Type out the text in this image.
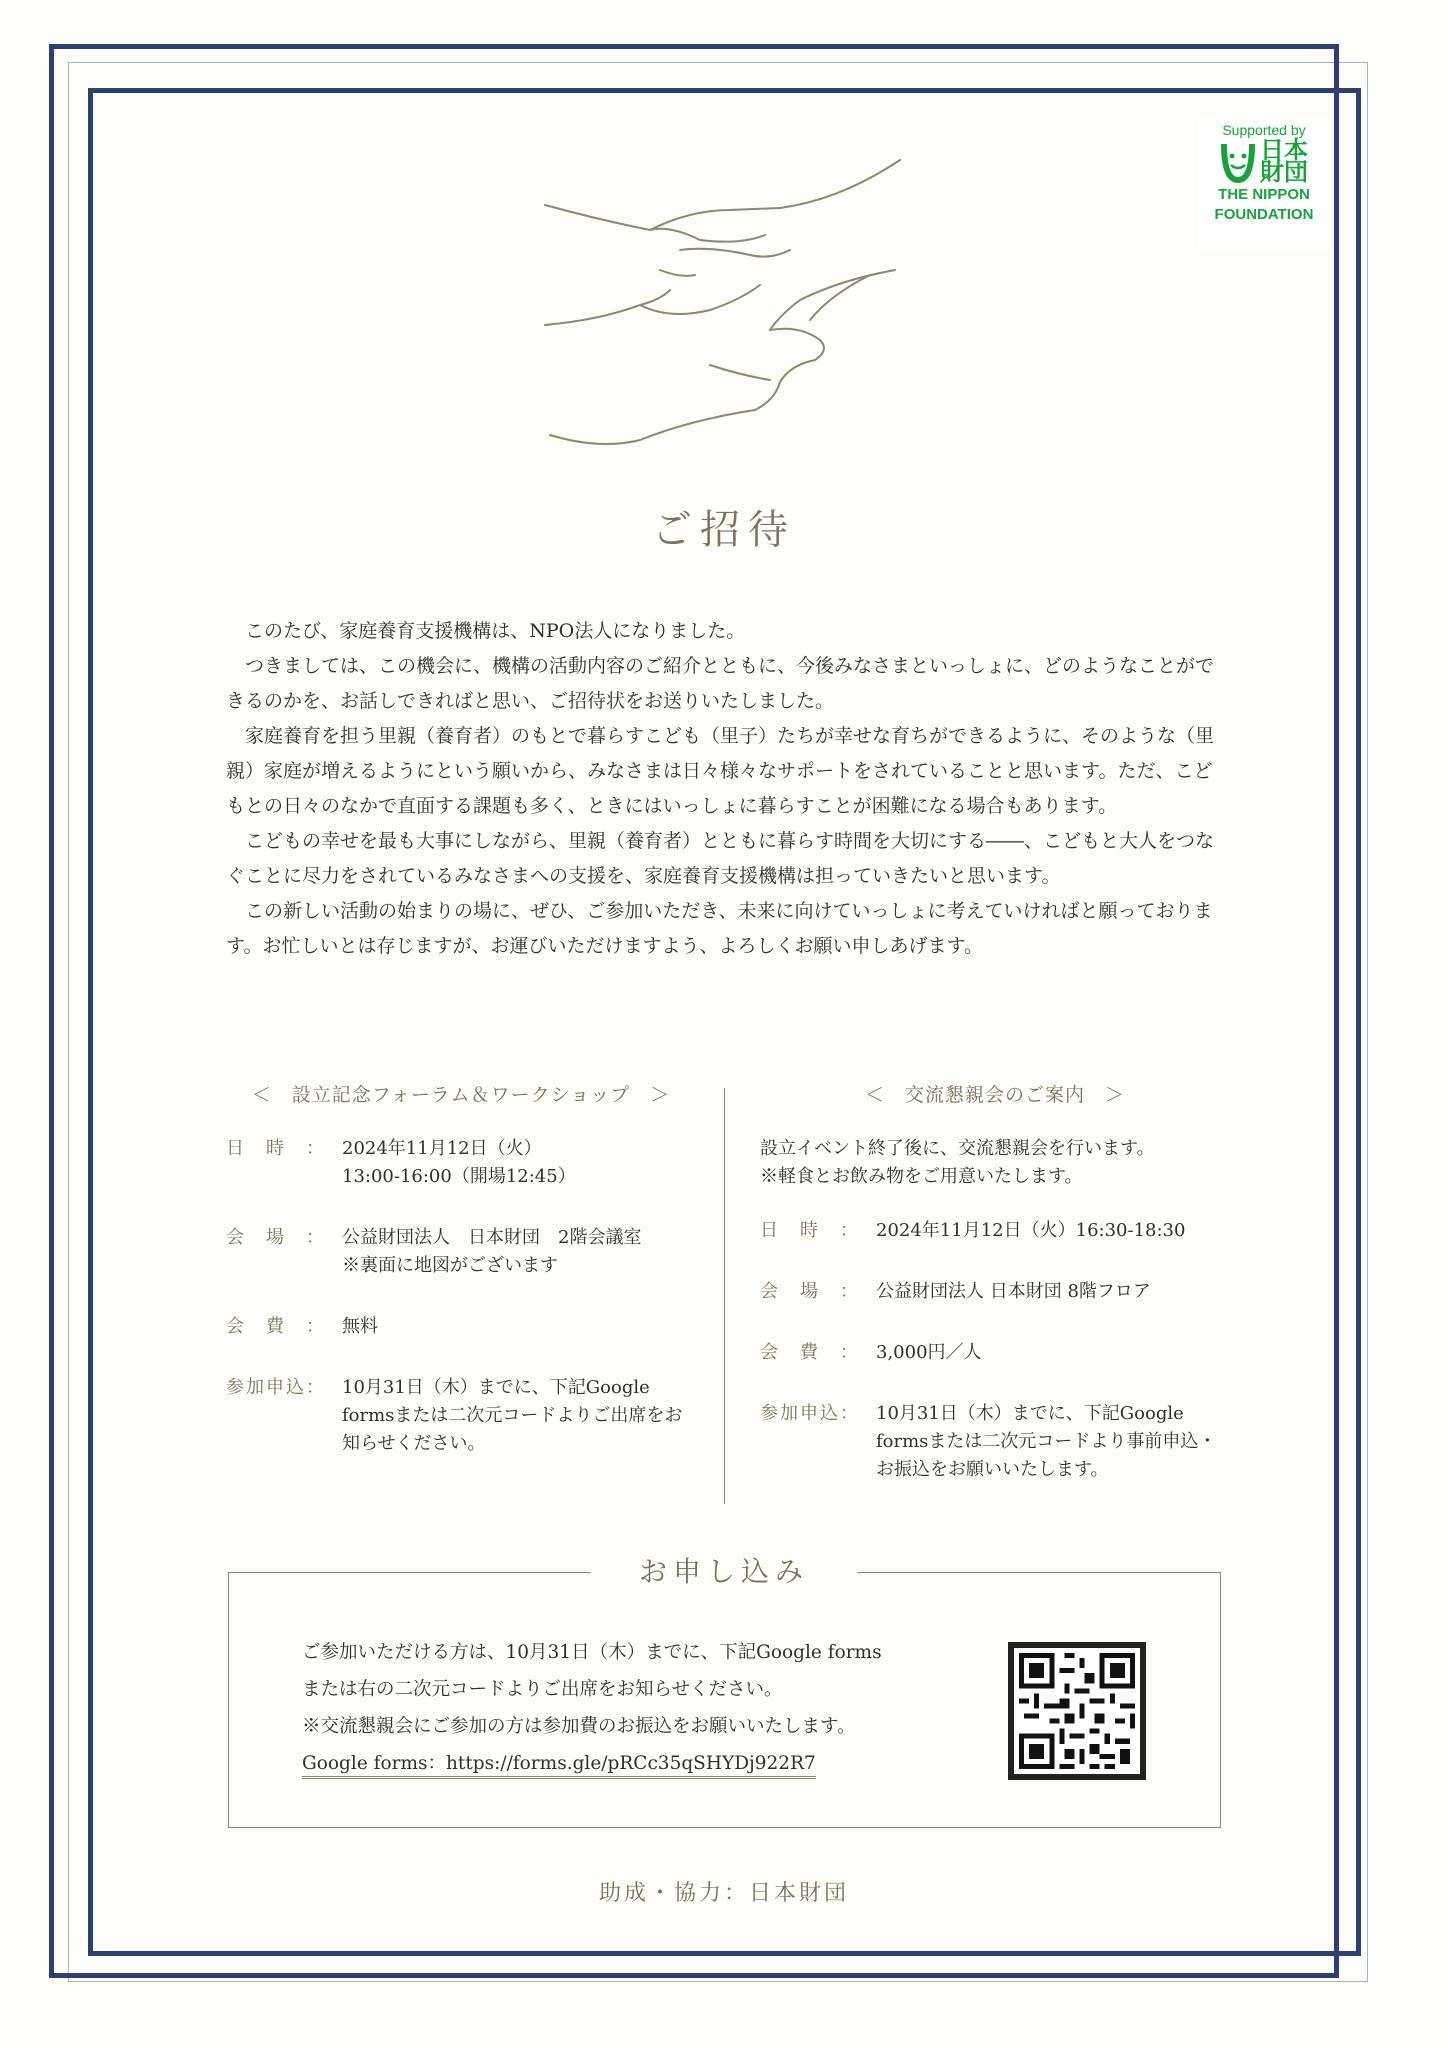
Supported by
日本
財団
THE NIPPON
FOUNDATION
ご招待

このたび、家庭養育支援機構は、NPO法人になりました。

つきましては、この機会に、機構の活動内容のご紹介とともに、今後みなさまといっしょに、どのようなことができるのかを、お話しできればと思い、ご招待状をお送りいたしました。

家庭養育を担う里親（養育者）のもとで暮らすこども（里子）たちが幸せな育ちができるように、そのような（里親）家庭が増えるようにという願いから、みなさまは日々様々なサポートをされていることと思います。ただ、こどもとの日々のなかで直面する課題も多く、ときにはいっしょに暮らすことが困難になる場合もあります。

こどもの幸せを最も大事にしながら、里親（養育者）とともに暮らす時間を大切にする――、こどもと大人をつなぐことに尽力をされているみなさまへの支援を、家庭養育支援機構は担っていきたいと思います。

この新しい活動の始まりの場に、ぜひ、ご参加いただき、未来に向けていっしょに考えていければと願っております。お忙しいとは存じますが、お運びいただけますよう、よろしくお願い申しあげます。

＜　設立記念フォーラム＆ワークショップ　＞
日　時　： 2024年11月12日（火）
13:00-16:00（開場12:45）
会　場　： 公益財団法人　日本財団　2階会議室
※裏面に地図がございます
会　費　： 無料
参加申込： 10月31日（木）までに、下記Google formsまたは二次元コードよりご出席をお知らせください。
＜　交流懇親会のご案内　＞
設立イベント終了後に、交流懇親会を行います。
※軽食とお飲み物をご用意いたします。
日　時　： 2024年11月12日（火）16:30-18:30
会　場　： 公益財団法人 日本財団 8階フロア
会　費　： 3,000円／人
参加申込： 10月31日（木）までに、下記Google formsまたは二次元コードより事前申込・お振込をお願いいたします。
お申し込み
ご参加いただける方は、10月31日（木）までに、下記Google forms
または右の二次元コードよりご出席をお知らせください。
※交流懇親会にご参加の方は参加費のお振込をお願いいたします。
Google forms：https://forms.gle/pRCc35qSHYDj922R7
助成・協力：日本財団
